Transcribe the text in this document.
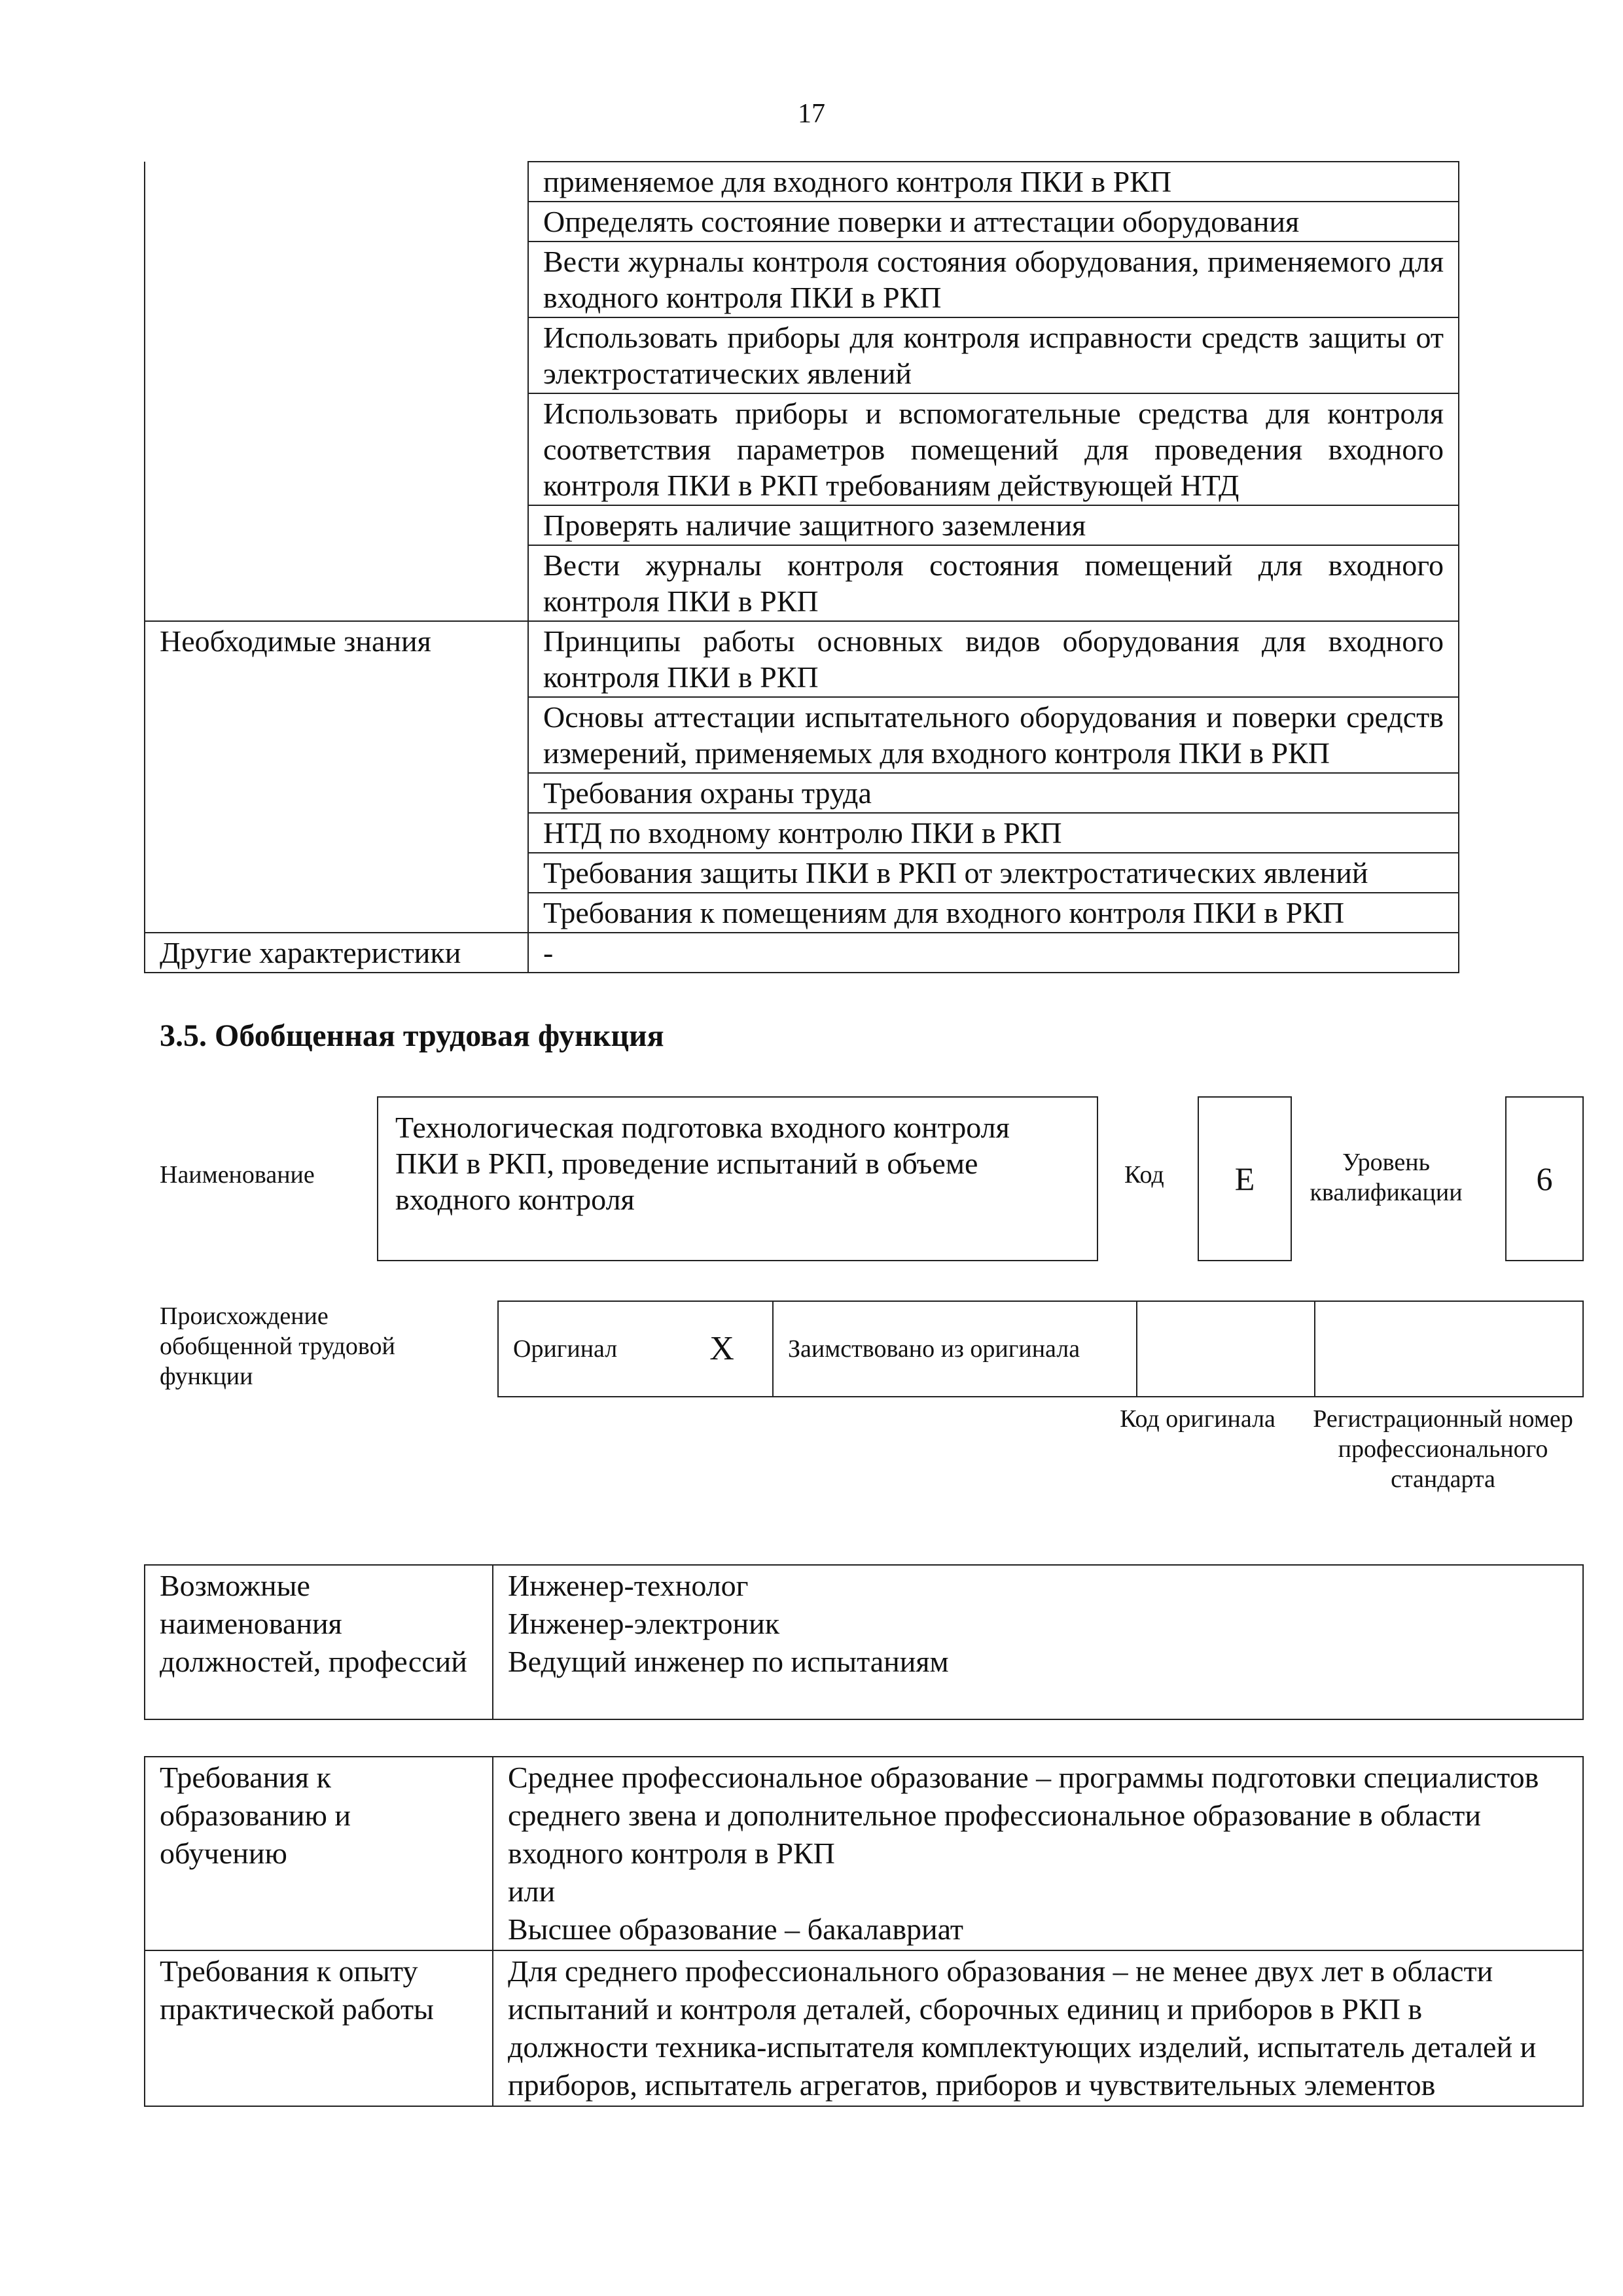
17
	применяемое для входного контроля ПКИ в РКП
	Определять состояние поверки и аттестации оборудования
	Вести журналы контроля состояния оборудования, применяемого для входного контроля ПКИ в РКП
	Использовать приборы для контроля исправности средств защиты от электростатических явлений
	Использовать приборы и вспомогательные средства для контроля соответствия параметров помещений для проведения входного контроля ПКИ в РКП требованиям действующей НТД
	Проверять наличие защитного заземления
	Вести журналы контроля состояния помещений для входного контроля ПКИ в РКП
Необходимые знания	Принципы работы основных видов оборудования для входного контроля ПКИ в РКП
	Основы аттестации испытательного оборудования и поверки средств измерений, применяемых для входного контроля ПКИ в РКП
	Требования охраны труда
	НТД по входному контролю ПКИ в РКП
	Требования защиты ПКИ в РКП от электростатических явлений
	Требования к помещениям для входного контроля ПКИ в РКП
Другие характеристики	-
3.5. Обобщенная трудовая функция
Наименование
Технологическая подготовка входного контроля ПКИ в РКП, проведение испытаний в объеме входного контроля
Код	E	Уровень квалификации	6
Происхождение обобщенной трудовой функции
Оригинал	X	Заимствовано из оригинала		
Код оригинала	Регистрационный номер профессионального стандарта
Возможные наименования должностей, профессий	
Инженер-технолог
Инженер-электроник
Ведущий инженер по испытаниям
Требования к образованию и обучению	Среднее профессиональное образование – программы подготовки специалистов среднего звена и дополнительное профессиональное образование в области входного контроля в РКП
или
Высшее образование – бакалавриат

Требования к опыту практической работы	Для среднего профессионального образования – не менее двух лет в области испытаний и контроля деталей, сборочных единиц и приборов в РКП в должности техника-испытателя комплектующих изделий, испытатель деталей и приборов, испытатель агрегатов, приборов и чувствительных элементов
